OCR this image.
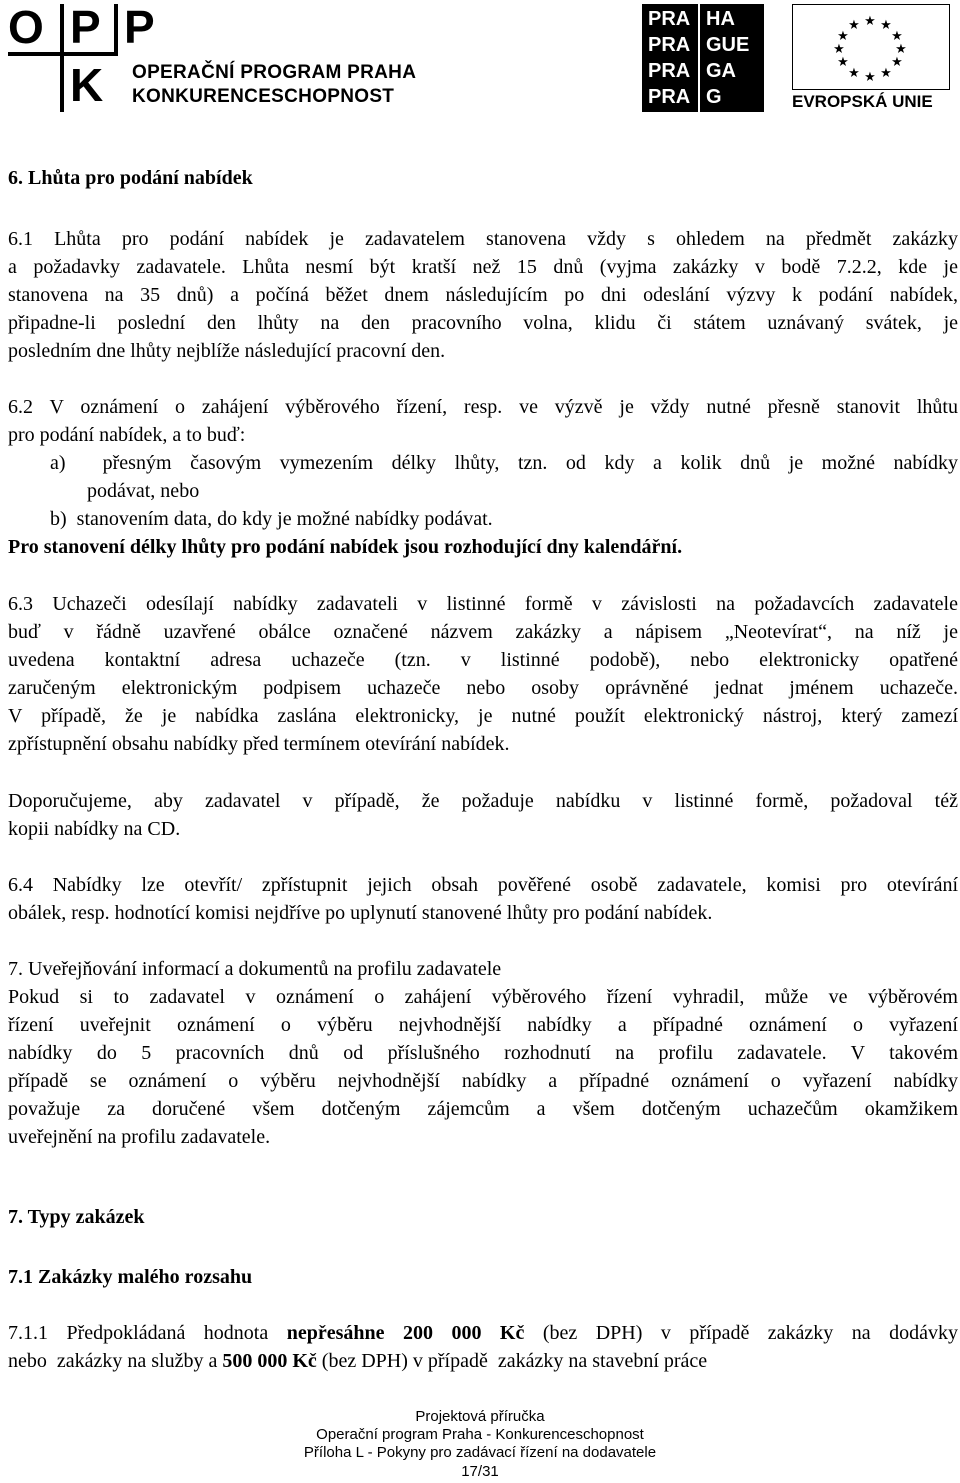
O P P
K OPERAČNÍ PROGRAM PRAHA
KONKURENCESCHOPNOST
PRA
PRA
PRA
PRA
HA
GUE
GA
G
★ ★
★
★
★
★
★
★
★
★
★
★
EVROPSKÁ UNIE
6. Lhůta pro podání nabídek
6.1 Lhůta pro podání nabídek je zadavatelem stanovena vždy s ohledem na předmět zakázky
a požadavky zadavatele. Lhůta nesmí být kratší než 15 dnů (vyjma zakázky v bodě 7.2.2, kde je
stanovena na 35 dnů) a počíná běžet dnem následujícím po dni odeslání výzvy k podání nabídek,
připadne-li poslední den lhůty na den pracovního volna, klidu či státem uznávaný svátek, je
posledním dne lhůty nejblíže následující pracovní den.
6.2 V oznámení o zahájení výběrového řízení, resp. ve výzvě je vždy nutné přesně stanovit lhůtu
pro podání nabídek, a to buď:
a)  přesným časovým vymezením délky lhůty, tzn. od kdy a kolik dnů je možné nabídky
podávat, nebo
b)  stanovením data, do kdy je možné nabídky podávat.
Pro stanovení délky lhůty pro podání nabídek jsou rozhodující dny kalendářní.
6.3 Uchazeči odesílají nabídky zadavateli v listinné formě v závislosti na požadavcích zadavatele
buď v řádně uzavřené obálce označené názvem zakázky a nápisem „Neotevírat“, na níž je
uvedena kontaktní adresa uchazeče (tzn. v listinné podobě), nebo elektronicky opatřené
zaručeným elektronickým podpisem uchazeče nebo osoby oprávněné jednat jménem uchazeče.
V případě, že je nabídka zaslána elektronicky, je nutné použít elektronický nástroj, který zamezí
zpřístupnění obsahu nabídky před termínem otevírání nabídek.
Doporučujeme, aby zadavatel v případě, že požaduje nabídku v listinné formě, požadoval též
kopii nabídky na CD.
6.4 Nabídky lze otevřít/ zpřístupnit jejich obsah pověřené osobě zadavatele, komisi pro otevírání
obálek, resp. hodnotící komisi nejdříve po uplynutí stanovené lhůty pro podání nabídek.
7. Uveřejňování informací a dokumentů na profilu zadavatele
Pokud si to zadavatel v oznámení o zahájení výběrového řízení vyhradil, může ve výběrovém
řízení uveřejnit oznámení o výběru nejvhodnější nabídky a případné oznámení o vyřazení
nabídky do 5 pracovních dnů od příslušného rozhodnutí na profilu zadavatele. V takovém
případě se oznámení o výběru nejvhodnější nabídky a případné oznámení o vyřazení nabídky
považuje za doručené všem dotčeným zájemcům a všem dotčeným uchazečům okamžikem
uveřejnění na profilu zadavatele.
7. Typy zakázek
7.1 Zakázky malého rozsahu
7.1.1 Předpokládaná hodnota nepřesáhne 200 000 Kč (bez DPH) v případě zakázky na dodávky
nebo  zakázky na služby a 500 000 Kč (bez DPH) v případě  zakázky na stavební práce
Projektová příručka
Operační program Praha - Konkurenceschopnost
Příloha L - Pokyny pro zadávací řízení na dodavatele
17/31
